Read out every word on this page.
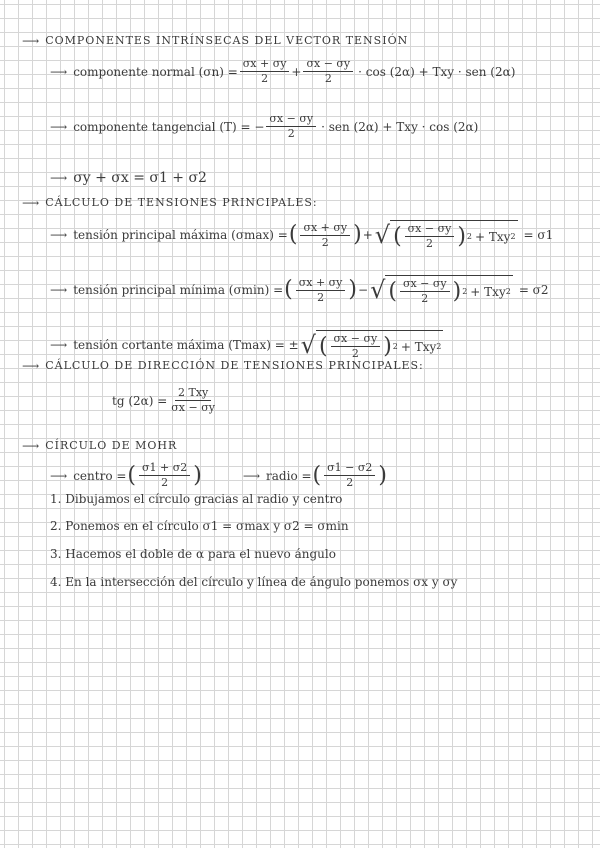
⟶ COMPONENTES INTRÍNSECAS DEL VECTOR TENSIÓN
⟶ componente normal $(\sigma n) = \frac{\sigma x + \sigma y}{2} + \frac{\sigma x - \sigma y}{2} \cdot \cos (2\alpha)$ + Txy · sen (2α)
⟶ componente tangencial (T) = − $\frac{\sigma x - \sigma y}{2}$ · sen (2α) + Txy · cos (2α)
⟶ σy + σx = σ1 + σ2
⟶ CÁLCULO DE TENSIONES PRINCIPALES:
⟶ tensión principal máxima (σmax) = ( $\frac{\sigma x + \sigma y}{2}$ ) + √ ( $\frac{\sigma x - \sigma y}{2}$ ) 2 + Txy 2 = σ1
⟶ tensión principal mínima (σmin) = ( $\frac{\sigma x + \sigma y}{2}$ ) − √ ( $\frac{\sigma x - \sigma y}{2}$ ) 2 + Txy 2 = σ2
⟶ tensión cortante máxima (Tmax) = ± √ ( $\frac{\sigma x - \sigma y}{2}$ ) 2 + Txy 2
⟶ CÁLCULO DE DIRECCIÓN DE TENSIONES PRINCIPALES:
tg $(2\alpha) = \frac{\text{2 Txy}}{\sigma x - \sigma y}$
⟶ CÍRCULO DE MOHR
⟶ centro = ( $\frac{\sigma 1 + \sigma 2}{2}$ )	⟶ radio = ( $\frac{\sigma 1 - \sigma 2}{2}$ )
1. Dibujamos el círculo gracias al radio y centro
2. Ponemos en el círculo σ1 = σmax y σ2 = σmin
3. Hacemos el doble de α para el nuevo ángulo
4. En la intersección del círculo y línea de ángulo ponemos σx y σy
